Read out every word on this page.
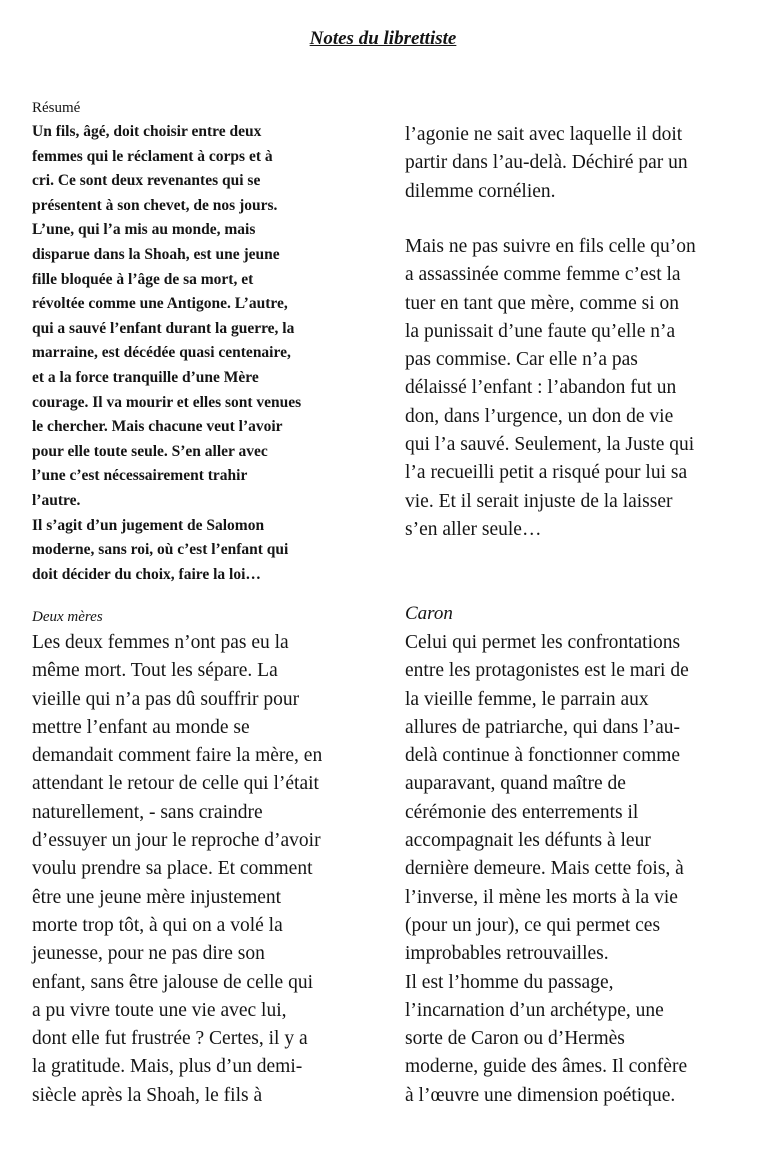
Notes du librettiste
Résumé
Un fils, âgé, doit choisir entre deux
femmes qui le réclament à corps et à
cri. Ce sont deux revenantes qui se
présentent à son chevet, de nos jours.
L’une, qui l’a mis au monde, mais
disparue dans la Shoah, est une jeune
fille bloquée à l’âge de sa mort, et
révoltée comme une Antigone. L’autre,
qui a sauvé l’enfant durant la guerre, la
marraine, est décédée quasi centenaire,
et a la force tranquille d’une Mère
courage. Il va mourir et elles sont venues
le chercher. Mais chacune veut l’avoir
pour elle toute seule. S’en aller avec
l’une c’est nécessairement trahir
l’autre.
Il s’agit d’un jugement de Salomon
moderne, sans roi, où c’est l’enfant qui
doit décider du choix, faire la loi…
l’agonie ne sait avec laquelle il doit
partir dans l’au-delà. Déchiré par un
dilemme cornélien.
Mais ne pas suivre en fils celle qu’on
a assassinée comme femme c’est la
tuer en tant que mère, comme si on
la punissait d’une faute qu’elle n’a
pas commise. Car elle n’a pas
délaissé l’enfant : l’abandon fut un
don, dans l’urgence, un don de vie
qui l’a sauvé. Seulement, la Juste qui
l’a recueilli petit a risqué pour lui sa
vie. Et il serait injuste de la laisser
s’en aller seule…
Deux mères
Les deux femmes n’ont pas eu la
même mort. Tout les sépare. La
vieille qui n’a pas dû souffrir pour
mettre l’enfant au monde se
demandait comment faire la mère, en
attendant le retour de celle qui l’était
naturellement, - sans craindre
d’essuyer un jour le reproche d’avoir
voulu prendre sa place. Et comment
être une jeune mère injustement
morte trop tôt, à qui on a volé la
jeunesse, pour ne pas dire son
enfant, sans être jalouse de celle qui
a pu vivre toute une vie avec lui,
dont elle fut frustrée ? Certes, il y a
la gratitude. Mais, plus d’un demi-
siècle après la Shoah, le fils à
Caron
Celui qui permet les confrontations
entre les protagonistes est le mari de
la vieille femme, le parrain aux
allures de patriarche, qui dans l’au-
delà continue à fonctionner comme
auparavant, quand maître de
cérémonie des enterrements il
accompagnait les défunts à leur
dernière demeure. Mais cette fois, à
l’inverse, il mène les morts à la vie
(pour un jour), ce qui permet ces
improbables retrouvailles.
Il est l’homme du passage,
l’incarnation d’un archétype, une
sorte de Caron ou d’Hermès
moderne, guide des âmes. Il confère
à l’œuvre une dimension poétique.
